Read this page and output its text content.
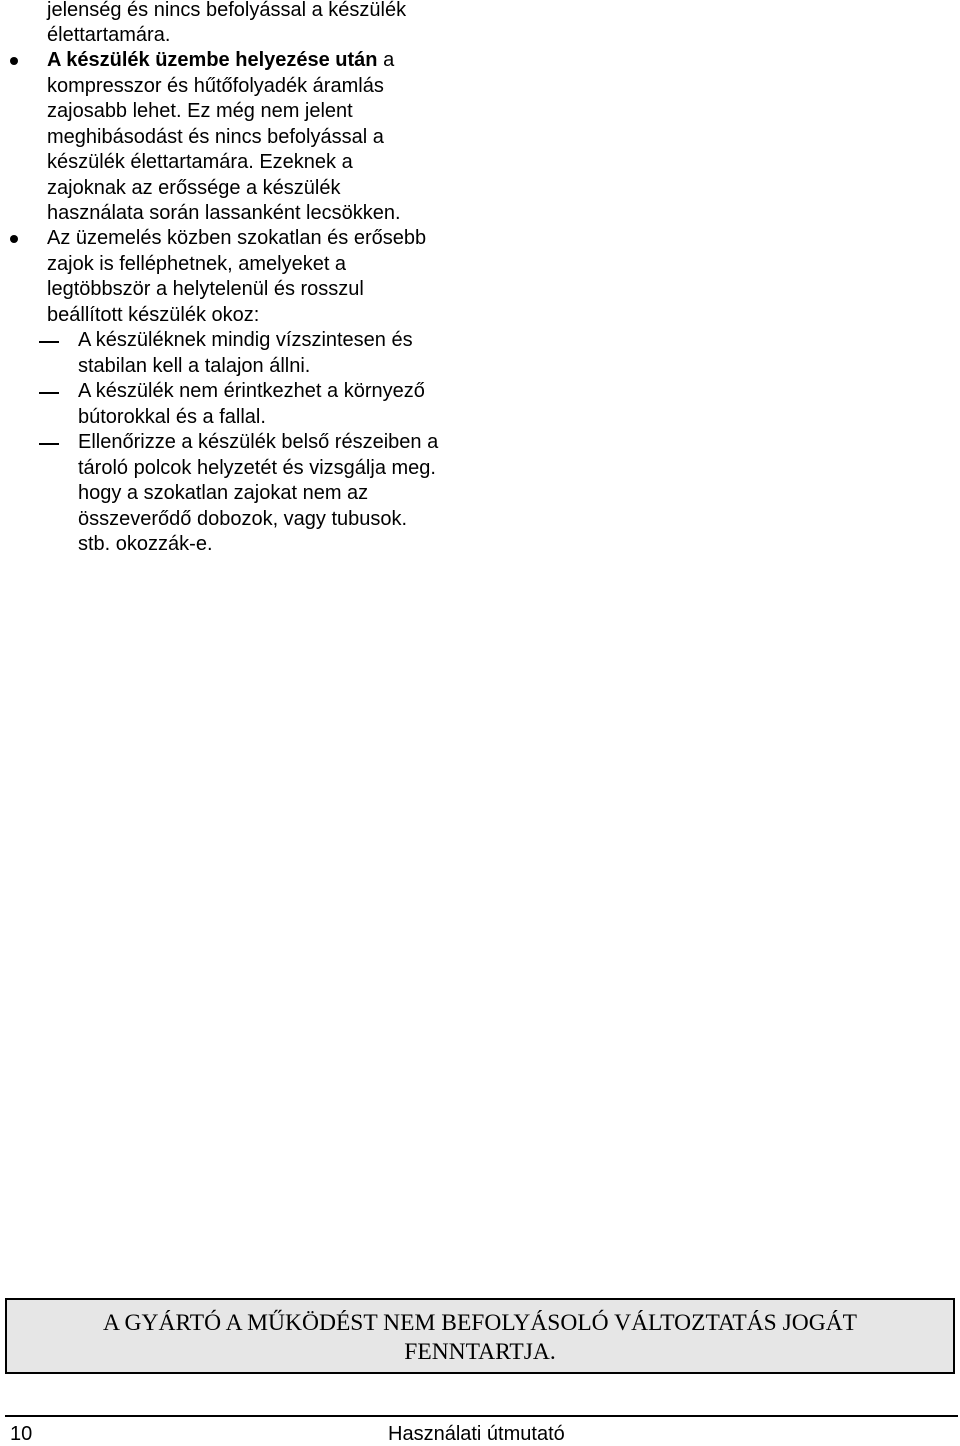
jelenség és nincs befolyással a készülék
élettartamára.
A készülék üzembe helyezése után a
kompresszor és hűtőfolyadék áramlás
zajosabb lehet. Ez még nem jelent
meghibásodást és nincs befolyással a
készülék élettartamára. Ezeknek a
zajoknak az erőssége a készülék
használata során lassanként lecsökken.
Az üzemelés közben szokatlan és erősebb
zajok is felléphetnek, amelyeket a
legtöbbször a helytelenül és rosszul
beállított készülék okoz:
A készüléknek mindig vízszintesen és
stabilan kell a talajon állni.
A készülék nem érintkezhet a környező
bútorokkal és a fallal.
Ellenőrizze a készülék belső részeiben a
tároló polcok helyzetét és vizsgálja meg.
hogy a szokatlan zajokat nem az
összeverődő dobozok, vagy tubusok.
stb. okozzák-e.
A GYÁRTÓ A MŰKÖDÉST NEM BEFOLYÁSOLÓ VÁLTOZTATÁS JOGÁT
FENNTARTJA.
10	Használati útmutató
